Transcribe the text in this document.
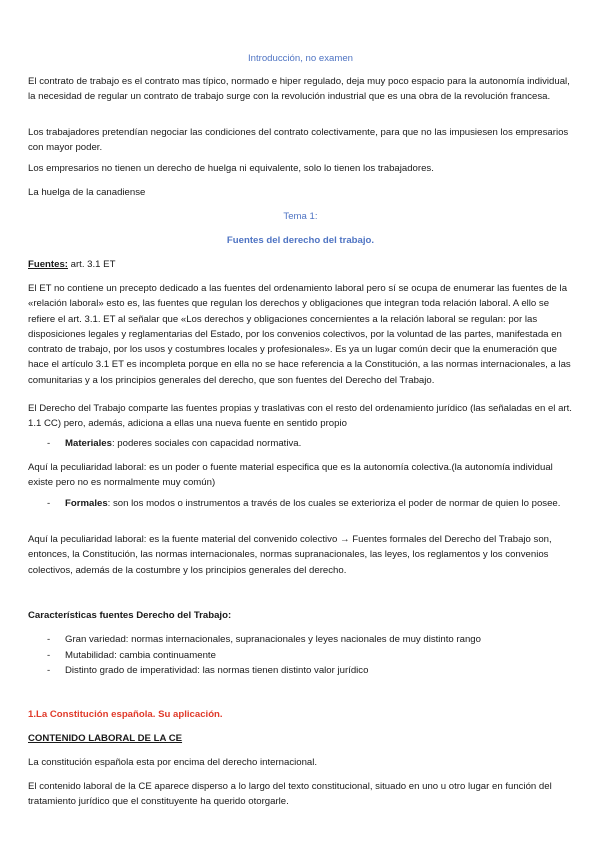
Introducción, no examen

El contrato de trabajo es el contrato mas típico, normado e hiper regulado, deja muy poco espacio para la autonomía individual, la necesidad de regular un contrato de trabajo surge con la revolución industrial que es una obra de la revolución francesa.

Los trabajadores pretendían negociar las condiciones del contrato colectivamente, para que no las impusiesen los empresarios con mayor poder.

Los empresarios no tienen un derecho de huelga ni equivalente, solo lo tienen los trabajadores.

La huelga de la canadiense

Tema 1:

Fuentes del derecho del trabajo.

Fuentes: art. 3.1 ET

El ET no contiene un precepto dedicado a las fuentes del ordenamiento laboral pero sí se ocupa de enumerar las fuentes de la «relación laboral» esto es, las fuentes que regulan los derechos y obligaciones que integran toda relación laboral. A ello se refiere el art. 3.1. ET al señalar que «Los derechos y obligaciones concernientes a la relación laboral se regulan: por las disposiciones legales y reglamentarias del Estado, por los convenios colectivos, por la voluntad de las partes, manifestada en contrato de trabajo, por los usos y costumbres locales y profesionales». Es ya un lugar común decir que la enumeración que hace el artículo 3.1 ET es incompleta porque en ella no se hace referencia a la Constitución, a las normas internacionales, a las comunitarias y a los principios generales del derecho, que son fuentes del Derecho del Trabajo.

El Derecho del Trabajo comparte las fuentes propias y traslativas con el resto del ordenamiento jurídico (las señaladas en el art. 1.1 CC) pero, además, adiciona a ellas una nueva fuente en sentido propio

- Materiales: poderes sociales con capacidad normativa.

Aquí la peculiaridad laboral: es un poder o fuente material especifica que es la autonomía colectiva.(la autonomía individual existe pero no es normalmente muy común)

- Formales: son los modos o instrumentos a través de los cuales se exterioriza el poder de normar de quien lo posee.

Aquí la peculiaridad laboral: es la fuente material del convenido colectivo → Fuentes formales del Derecho del Trabajo son, entonces, la Constitución, las normas internacionales, normas supranacionales, las leyes, los reglamentos y los convenios colectivos, además de la costumbre y los principios generales del derecho.

Características fuentes Derecho del Trabajo:

- Gran variedad: normas internacionales, supranacionales y leyes nacionales de muy distinto rango

- Mutabilidad: cambia continuamente

- Distinto grado de imperatividad: las normas tienen distinto valor jurídico

1.La Constitución española. Su aplicación.

CONTENIDO LABORAL DE LA CE

La constitución española esta por encima del derecho internacional.

El contenido laboral de la CE aparece disperso a lo largo del texto constitucional, situado en uno u otro lugar en función del tratamiento jurídico que el constituyente ha querido otorgarle.
